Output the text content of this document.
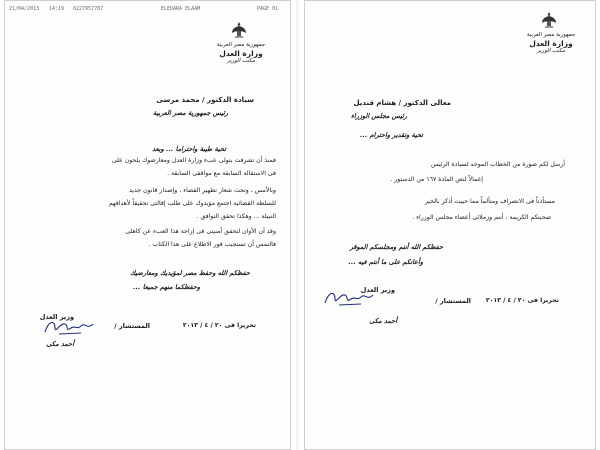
21/04/2013 14:19 0227957787	ELEDARA ELAAM	PAGE 01
جمهورية مصر العربية
وزارة العدل
مكتب الوزير
سيادة الدكتور / محمد مرسى
رئيس جمهورية مصر العربية
تحية طيبة واحتراما ... وبعد
فمنذ أن تشرفت بتولى عبء وزارة العدل ومعارضوك يلحون على
فى الاستقالة السابقة مع موافقى السابقة .
وبالأمس ، وتحت شعار تطهير القضاء ، وإصدار قانون جديد
للسلطة القضائية اجتمع مؤيدوك على طلب إقالتى تحقيقاً لأهدافهم
النبيلة ... وهكذا تحقق التوافق .
وقد آن الأوان لتحقق أمنيتى فى إزاحة هذا العبء عن كاهلى
فالتمس أن تستجيب فور الاطلاع على هذا الكتاب .
حفظكم الله وحفظ مصر لمؤيديك ومعارضيك
وحفظكما منهم جميعا ...
وزير العدل
تحريرا فى ٢٠ / ٤ / ٢٠١٣
المستشار /
أحمد مكى
جمهورية مصر العربية
وزارة العدل
مكتب الوزير
معالى الدكتور / هشام قنديل
رئيس مجلس الوزراء
تحية وتقدير واحترام ...
أرسل لكم صورة من الخطاب الموجه لسيادة الرئيس
إعمالاً لنص المادة ١٦٧ من الدستور .
مستأذناً فى الانصراف ومتألماً مما حييت أذكر بالخير
صحبتكم الكريمة ، أنتم وزملائى أعضاء مجلس الوزراء .
حفظكم الله أنتم ومجلسكم الموقر
وأعانكم على ما أنتم فيه ...
وزير العدل
تحريرا فى ٢٠ / ٤ / ٢٠١٣
المستشار /
أحمد مكى
